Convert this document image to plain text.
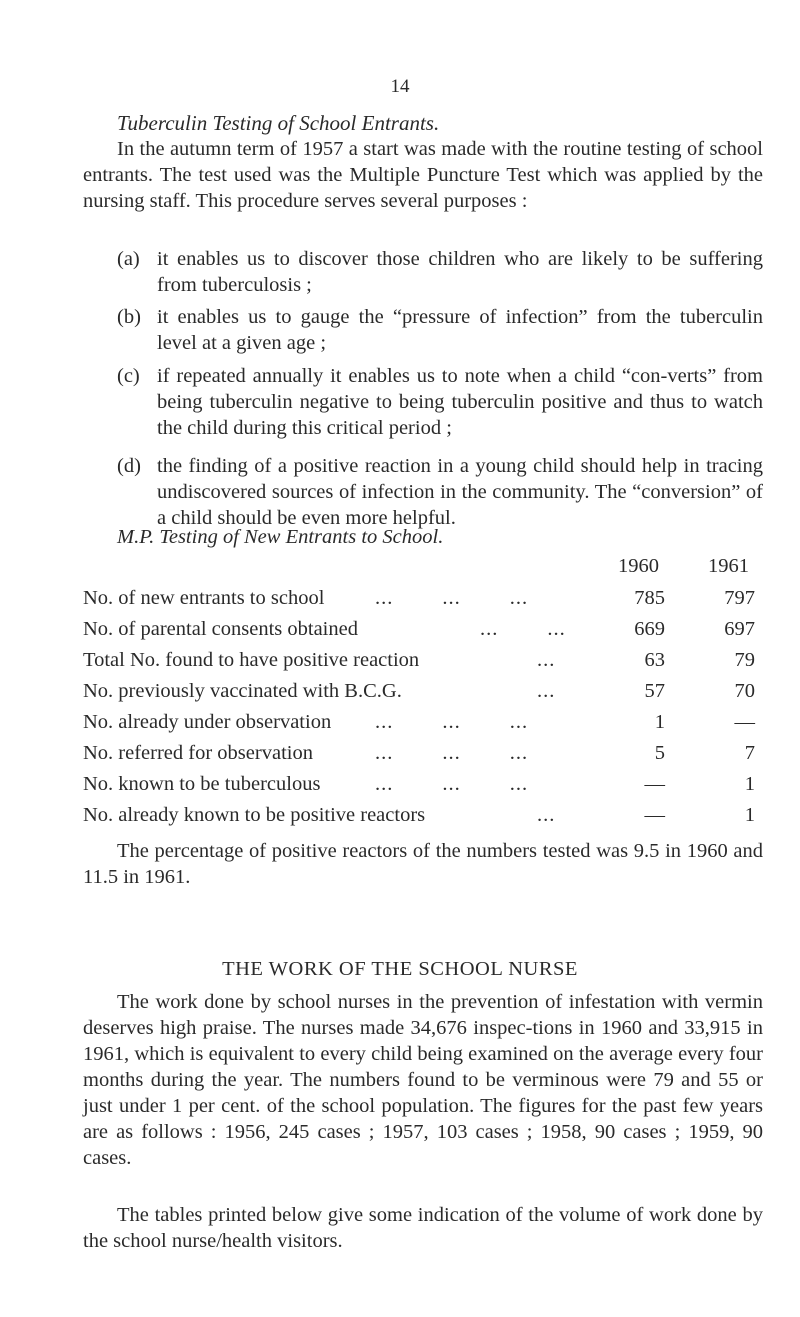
14
Tuberculin Testing of School Entrants.
In the autumn term of 1957 a start was made with the routine testing of school entrants. The test used was the Multiple Puncture Test which was applied by the nursing staff. This procedure serves several purposes :
(a) it enables us to discover those children who are likely to be suffering from tuberculosis ;
(b) it enables us to gauge the “pressure of infection” from the tuberculin level at a given age ;
(c) if repeated annually it enables us to note when a child “con-verts” from being tuberculin negative to being tuberculin positive and thus to watch the child during this critical period ;
(d) the finding of a positive reaction in a young child should help in tracing undiscovered sources of infection in the community. The “conversion” of a child should be even more helpful.
M.P. Testing of New Entrants to School.
1960	1961
No. of new entrants to school ...        ...        ...	785	797
No. of parental consents obtained	...        ...	669	697
Total No. found to have positive reaction	...	63	79
No. previously vaccinated with B.C.G.	...	57	70
No. already under observation ...        ...        ...	1	—
No. referred for observation	...        ...        ...	5	7
No. known to be tuberculous	...        ...        ...	—	1
No. already known to be positive reactors	...	—	1
The percentage of positive reactors of the numbers tested was 9.5 in 1960 and 11.5 in 1961.
THE WORK OF THE SCHOOL NURSE
The work done by school nurses in the prevention of infestation with vermin deserves high praise. The nurses made 34,676 inspec-tions in 1960 and 33,915 in 1961, which is equivalent to every child being examined on the average every four months during the year. The numbers found to be verminous were 79 and 55 or just under 1 per cent. of the school population. The figures for the past few years are as follows : 1956, 245 cases ; 1957, 103 cases ; 1958, 90 cases ; 1959, 90 cases.
The tables printed below give some indication of the volume of work done by the school nurse/health visitors.
